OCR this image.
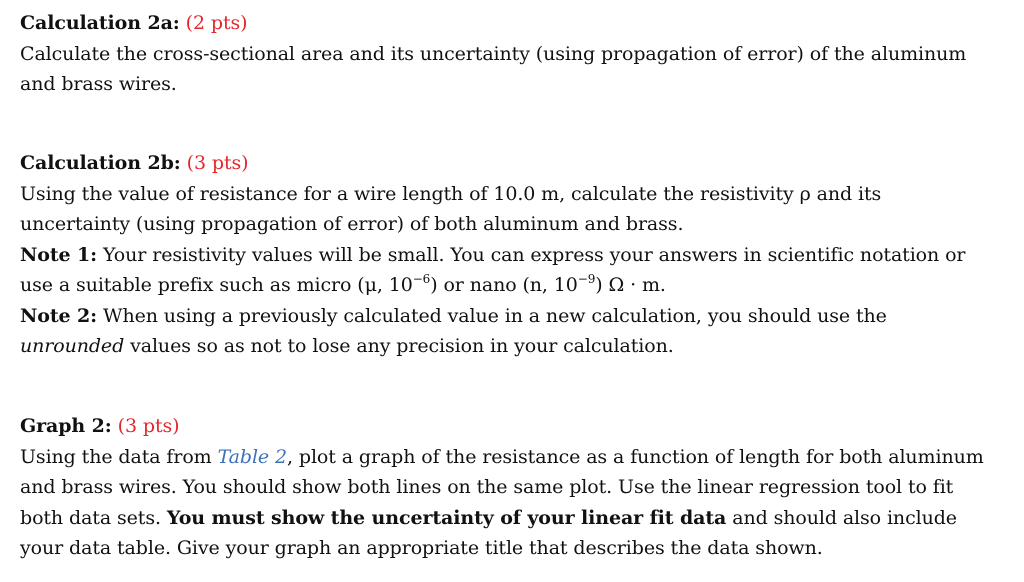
Calculation 2a: (2 pts)
Calculate the cross-sectional area and its uncertainty (using propagation of error) of the aluminum
and brass wires.
Calculation 2b: (3 pts)
Using the value of resistance for a wire length of 10.0 m, calculate the resistivity ρ and its
uncertainty (using propagation of error) of both aluminum and brass.
Note 1: Your resistivity values will be small. You can express your answers in scientific notation or
use a suitable prefix such as micro (μ, $10^{-6}$) or nano (n, $10^{-9}$) Ω · m.
Note 2: When using a previously calculated value in a new calculation, you should use the
unrounded values so as not to lose any precision in your calculation.
Graph 2: (3 pts)
Using the data from Table 2, plot a graph of the resistance as a function of length for both aluminum
and brass wires. You should show both lines on the same plot. Use the linear regression tool to fit
both data sets. You must show the uncertainty of your linear fit data and should also include
your data table. Give your graph an appropriate title that describes the data shown.
